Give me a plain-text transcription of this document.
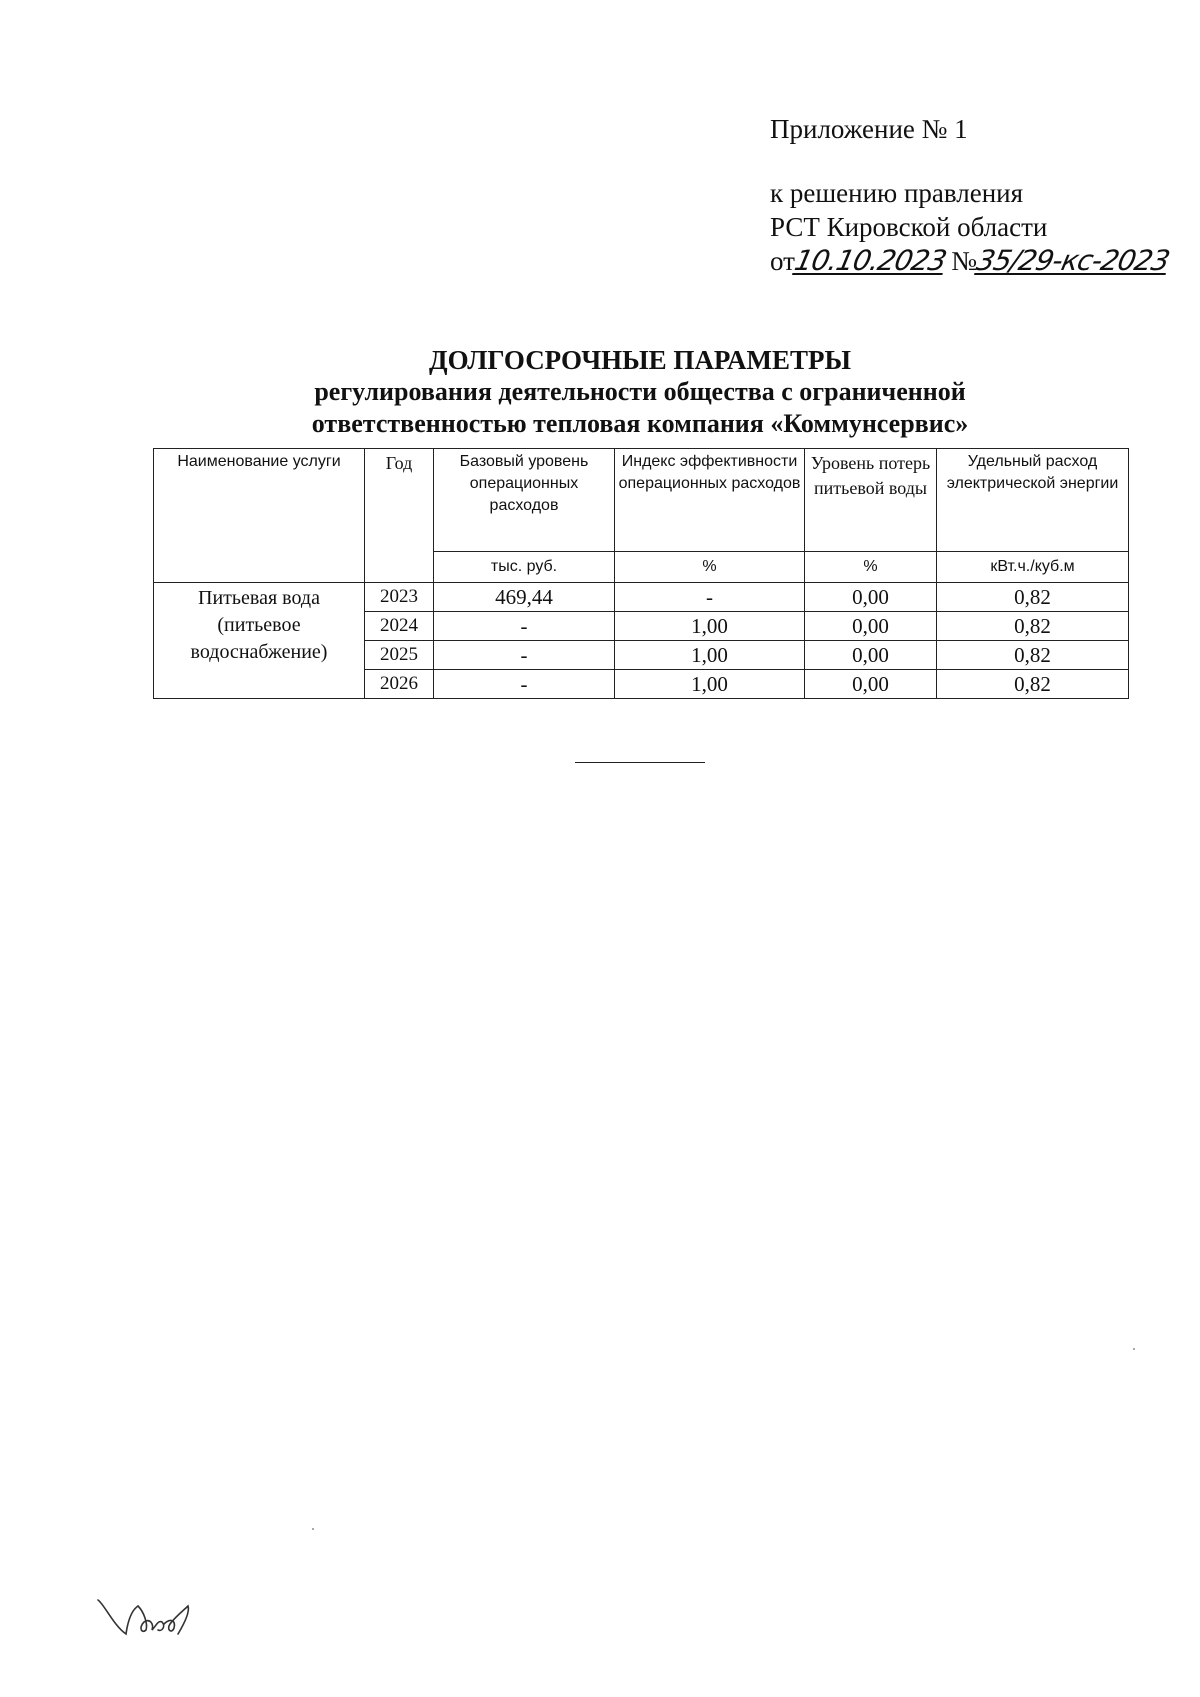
Приложение № 1
к решению правления
РСТ Кировской области
от
10.10.2023 №
35/29-кс-2023
ДОЛГОСРОЧНЫЕ ПАРАМЕТРЫ
регулирования деятельности общества с ограниченной
ответственностью тепловая компания «Коммунсервис»
Наименование услуги	Год	Базовый уровень операционных расходов	Индекс эффективности операционных расходов	Уровень потерь питьевой воды	Удельный расход электрической энергии
		тыс. руб.	%	%	кВт.ч./куб.м
Питьевая вода (питьевое водоснабжение)	2023	469,44	-	0,00	0,82
	2024	-	1,00	0,00	0,82
	2025	-	1,00	0,00	0,82
	2026	-	1,00	0,00	0,82
